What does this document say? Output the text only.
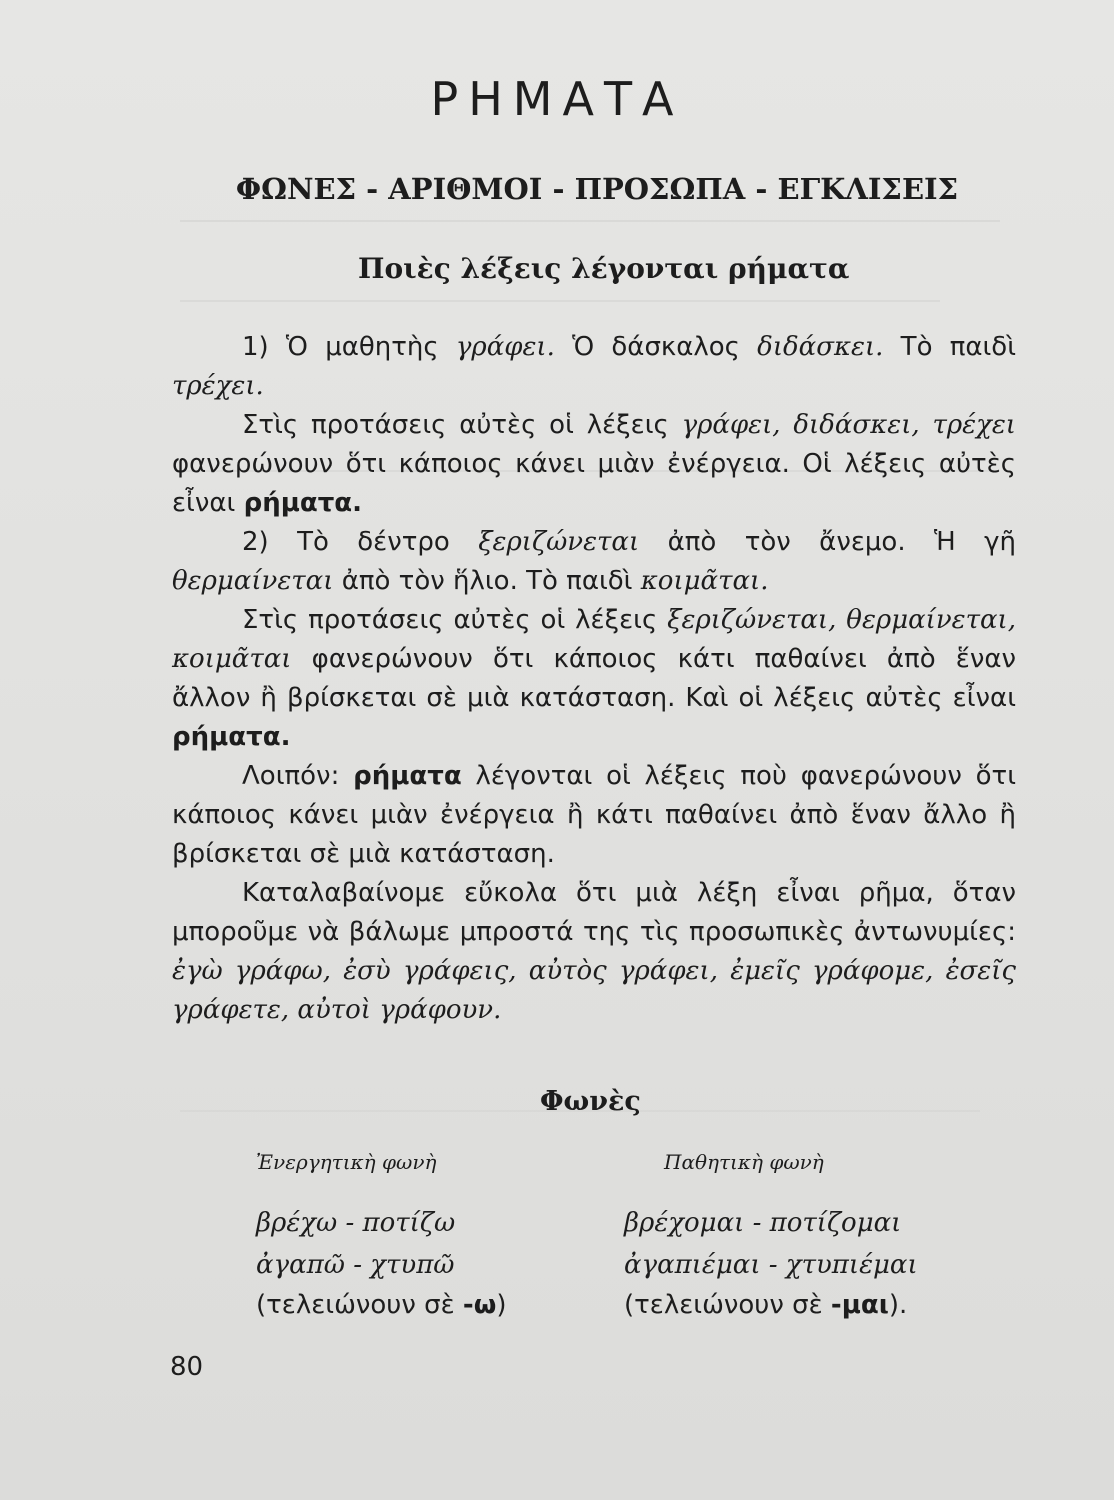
ΡΗΜΑΤΑ
ΦΩΝΕΣ - ΑΡΙΘΜΟΙ - ΠΡΟΣΩΠΑ - ΕΓΚΛΙΣΕΙΣ
Ποιὲς λέξεις λέγονται ρήματα

1) Ὁ μαθητὴς γράφει. Ὁ δάσκαλος διδάσκει. Τὸ παιδὶ τρέχει.

Στὶς προτάσεις αὐτὲς οἱ λέξεις γράφει, διδάσκει, τρέχει φανερώνουν ὅτι κάποιος κάνει μιὰν ἐνέργεια. Οἱ λέξεις αὐτὲς εἶναι ρήματα.

2) Τὸ δέντρο ξεριζώνεται ἀπὸ τὸν ἄνεμο. Ἡ γῆ θερμαίνεται ἀπὸ τὸν ἥλιο. Τὸ παιδὶ κοιμᾶται.

Στὶς προτάσεις αὐτὲς οἱ λέξεις ξεριζώνεται, θερμαίνεται, κοιμᾶται φανερώνουν ὅτι κάποιος κάτι παθαίνει ἀπὸ ἕναν ἄλλον ἢ βρίσκεται σὲ μιὰ κατάσταση. Καὶ οἱ λέξεις αὐτὲς εἶναι ρήματα.

Λοιπόν: ρήματα λέγονται οἱ λέξεις ποὺ φανερώνουν ὅτι κάποιος κάνει μιὰν ἐνέργεια ἢ κάτι παθαίνει ἀπὸ ἕναν ἄλλο ἢ βρίσκεται σὲ μιὰ κατάσταση.

Καταλαβαίνομε εὔκολα ὅτι μιὰ λέξη εἶναι ρῆμα, ὅταν μποροῦμε νὰ βάλωμε μπροστά της τὶς προσωπικὲς ἀντωνυμίες: ἐγὼ γράφω, ἐσὺ γράφεις, αὐτὸς γράφει, ἐμεῖς γράφομε, ἐσεῖς γράφετε, αὐτοὶ γράφουν.

Φωνὲς
Ἐνεργητικὴ φωνὴ	Παθητικὴ φωνὴ
βρέχω - ποτίζω	βρέχομαι - ποτίζομαι
ἀγαπῶ - χτυπῶ	ἀγαπιέμαι - χτυπιέμαι
(τελειώνουν σὲ -ω)	(τελειώνουν σὲ -μαι).
80
